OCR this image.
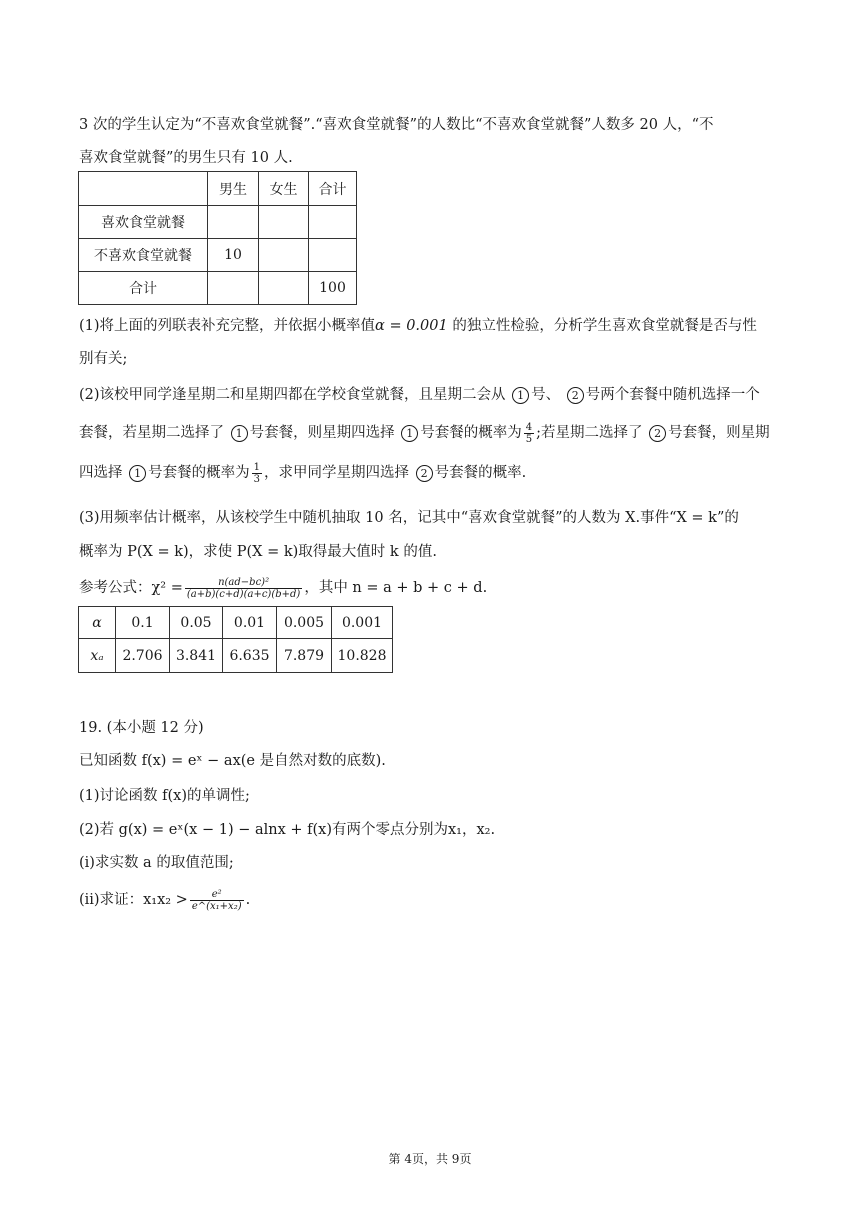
3 次的学生认定为“不喜欢食堂就餐”.“喜欢食堂就餐”的人数比“不喜欢食堂就餐”人数多 20 人，“不
喜欢食堂就餐”的男生只有 10 人.
	男生	女生	合计
喜欢食堂就餐			
不喜欢食堂就餐	10		
合计			100
(1)将上面的列联表补充完整，并依据小概率值α = 0.001 的独立性检验，分析学生喜欢食堂就餐是否与性
别有关;
(2)该校甲同学逢星期二和星期四都在学校食堂就餐，且星期二会从 1 号、 2 号两个套餐中随机选择一个
套餐，若星期二选择了 1 号套餐，则星期四选择 1 号套餐的概率为 $\frac{4}{5}$ ;若星期二选择了 2 号套餐，则星期
四选择 1 号套餐的概率为 $\frac{1}{3}$ ，求甲同学星期四选择 2 号套餐的概率.
(3)用频率估计概率，从该校学生中随机抽取 10 名，记其中“喜欢食堂就餐”的人数为 X.事件“X = k”的
概率为 P(X = k)，求使 P(X = k)取得最大值时 k 的值.
参考公式：$\chi^2 = \frac{\text{n(ad−bc)²}}{(a+b)(c+d)(a+c)(b+d)}$ ，其中 n = a + b + c + d.
α	0.1	0.05	0.01	0.005	0.001
xₐ	2.706	3.841	6.635	7.879	10.828
19. (本小题 12 分)
已知函数 f(x) = eˣ − ax(e 是自然对数的底数).
(1)讨论函数 f(x)的单调性;
(2)若 g(x) = eˣ(x − 1) − alnx + f(x)有两个零点分别为x₁，x₂.
(ⅰ)求实数 a 的取值范围;
(ⅱ)求证：$x_1x_2 > \frac{\text{e²}}{\text{e\textasciicircum{}(x₁+x₂)}}$ .
第 4页，共 9页
